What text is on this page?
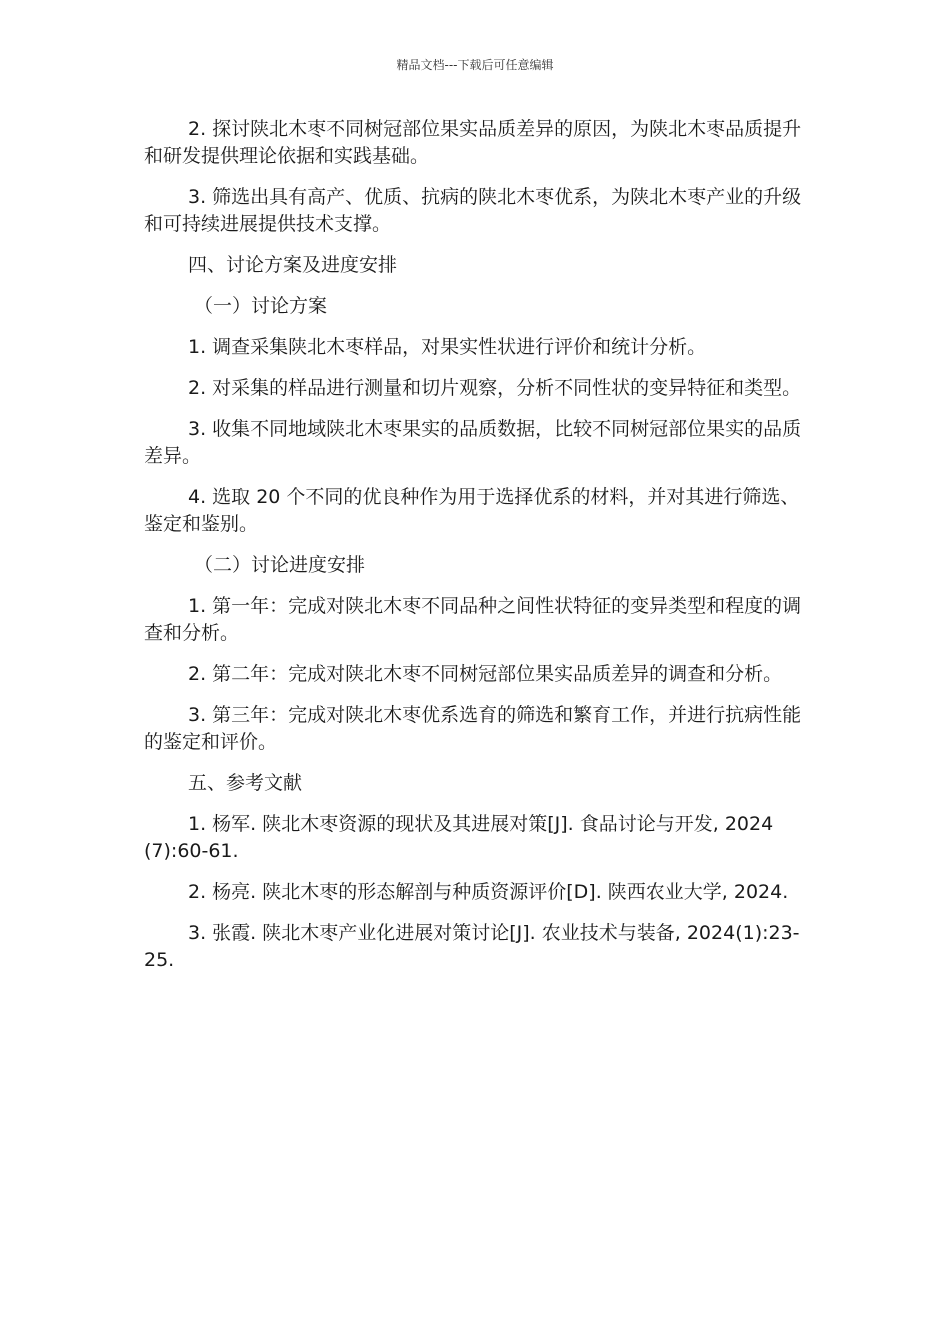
精品文档---下载后可任意编辑

2. 探讨陕北木枣不同树冠部位果实品质差异的原因，为陕北木枣品质提升和研发提供理论依据和实践基础。

3. 筛选出具有高产、优质、抗病的陕北木枣优系，为陕北木枣产业的升级和可持续进展提供技术支撑。

四、讨论方案及进度安排

（一）讨论方案

1. 调查采集陕北木枣样品，对果实性状进行评价和统计分析。

2. 对采集的样品进行测量和切片观察，分析不同性状的变异特征和类型。

3. 收集不同地域陕北木枣果实的品质数据，比较不同树冠部位果实的品质差异。

4. 选取 20 个不同的优良种作为用于选择优系的材料，并对其进行筛选、鉴定和鉴别。

（二）讨论进度安排

1. 第一年：完成对陕北木枣不同品种之间性状特征的变异类型和程度的调查和分析。

2. 第二年：完成对陕北木枣不同树冠部位果实品质差异的调查和分析。

3. 第三年：完成对陕北木枣优系选育的筛选和繁育工作，并进行抗病性能的鉴定和评价。

五、参考文献

1. 杨军. 陕北木枣资源的现状及其进展对策[J]. 食品讨论与开发, 2024(7):60-61.

2. 杨亮. 陕北木枣的形态解剖与种质资源评价[D]. 陕西农业大学, 2024.

3. 张霞. 陕北木枣产业化进展对策讨论[J]. 农业技术与装备, 2024(1):23-25.
